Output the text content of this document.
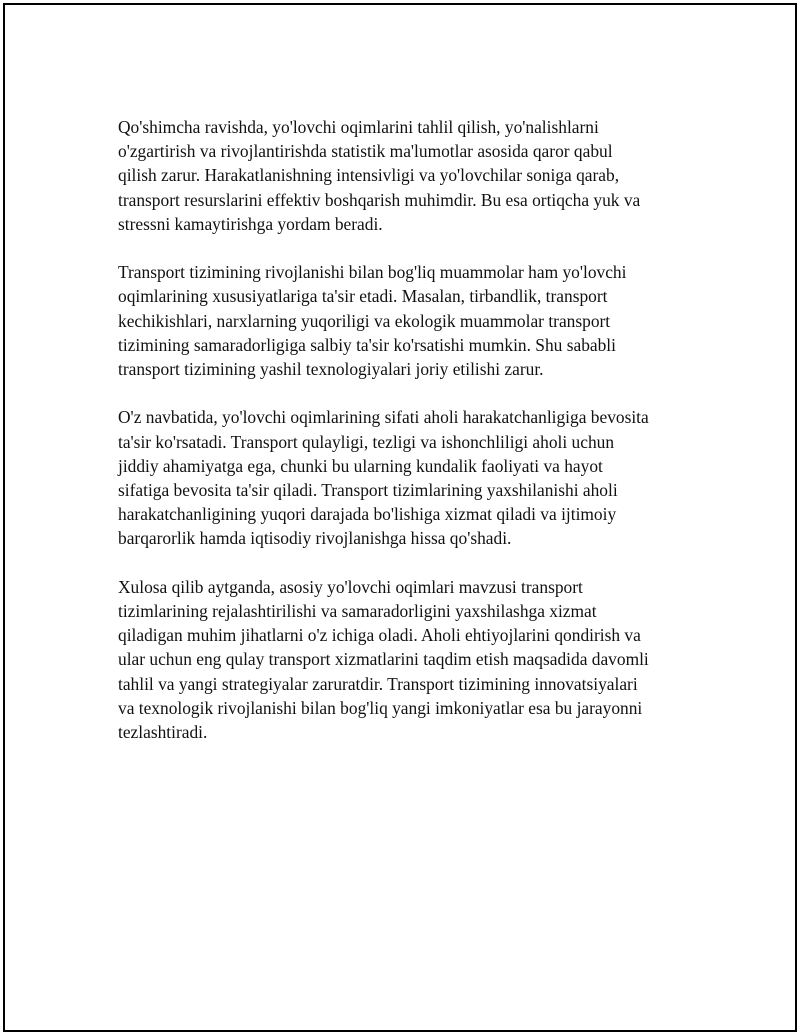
Qo'shimcha ravishda, yo'lovchi oqimlarini tahlil qilish, yo'nalishlarni
o'zgartirish va rivojlantirishda statistik ma'lumotlar asosida qaror qabul
qilish zarur. Harakatlanishning intensivligi va yo'lovchilar soniga qarab,
transport resurslarini effektiv boshqarish muhimdir. Bu esa ortiqcha yuk va
stressni kamaytirishga yordam beradi.

Transport tizimining rivojlanishi bilan bog'liq muammolar ham yo'lovchi
oqimlarining xususiyatlariga ta'sir etadi. Masalan, tirbandlik, transport
kechikishlari, narxlarning yuqoriligi va ekologik muammolar transport
tizimining samaradorligiga salbiy ta'sir ko'rsatishi mumkin. Shu sababli
transport tizimining yashil texnologiyalari joriy etilishi zarur.

O'z navbatida, yo'lovchi oqimlarining sifati aholi harakatchanligiga bevosita
ta'sir ko'rsatadi. Transport qulayligi, tezligi va ishonchliligi aholi uchun
jiddiy ahamiyatga ega, chunki bu ularning kundalik faoliyati va hayot
sifatiga bevosita ta'sir qiladi. Transport tizimlarining yaxshilanishi aholi
harakatchanligining yuqori darajada bo'lishiga xizmat qiladi va ijtimoiy
barqarorlik hamda iqtisodiy rivojlanishga hissa qo'shadi.

Xulosa qilib aytganda, asosiy yo'lovchi oqimlari mavzusi transport
tizimlarining rejalashtirilishi va samaradorligini yaxshilashga xizmat
qiladigan muhim jihatlarni o'z ichiga oladi. Aholi ehtiyojlarini qondirish va
ular uchun eng qulay transport xizmatlarini taqdim etish maqsadida davomli
tahlil va yangi strategiyalar zaruratdir. Transport tizimining innovatsiyalari
va texnologik rivojlanishi bilan bog'liq yangi imkoniyatlar esa bu jarayonni
tezlashtiradi.
